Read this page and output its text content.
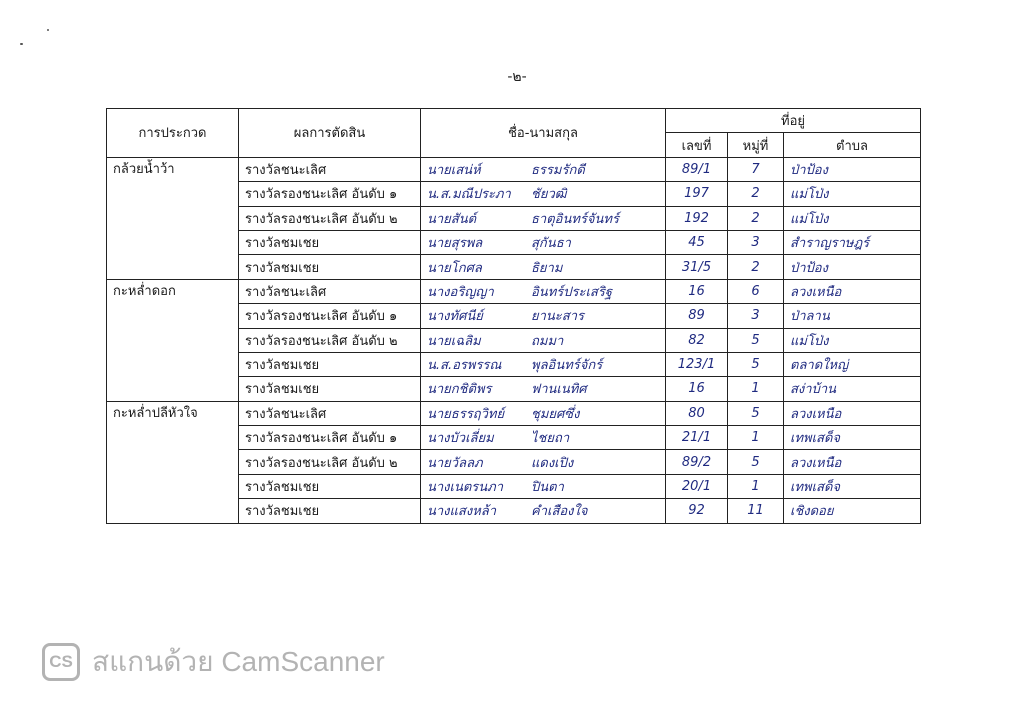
-๒-
การประกวด	ผลการตัดสิน	ชื่อ-นามสกุล	ที่อยู่		
			เลขที่	หมู่ที่	ตำบล
กล้วยน้ำว้า	รางวัลชนะเลิศ	นายเสน่ห์ ธรรมรักดี	89/1	7	ป่าป้อง
	รางวัลรองชนะเลิศ อันดับ ๑	น.ส.มณีประภา ชัยวฒิ	197	2	แม่โป่ง
	รางวัลรองชนะเลิศ อันดับ ๒	นายสันต์ ธาตุอินทร์จันทร์	192	2	แม่โป่ง
	รางวัลชมเชย	นายสุรพล สุกันธา	45	3	สำราญราษฎร์
	รางวัลชมเชย	นายโกศล ธิยาม	31/5	2	ป่าป้อง
กะหล่ำดอก	รางวัลชนะเลิศ	นางอริญญา อินทร์ประเสริฐ	16	6	ลวงเหนือ
	รางวัลรองชนะเลิศ อันดับ ๑	นางทัศนีย์ ยานะสาร	89	3	ป่าลาน
	รางวัลรองชนะเลิศ อันดับ ๒	นายเฉลิม ถมมา	82	5	แม่โป่ง
	รางวัลชมเชย	น.ส.อรพรรณ พุลอินทร์จักร์	123/1	5	ตลาดใหญ่
	รางวัลชมเชย	นายกชิติพร ฟานเนทิศ	16	1	สง่าบ้าน
กะหล่ำปลีหัวใจ	รางวัลชนะเลิศ	นายธรรฤวิทย์ ชุมยศซึ่ง	80	5	ลวงเหนือ
	รางวัลรองชนะเลิศ อันดับ ๑	นางบัวเลี่ยม ไชยถา	21/1	1	เทพเสด็จ
	รางวัลรองชนะเลิศ อันดับ ๒	นายวัลลภ แดงเปิง	89/2	5	ลวงเหนือ
	รางวัลชมเชย	นางเนตรนภา ปินตา	20/1	1	เทพเสด็จ
	รางวัลชมเชย	นางแสงหล้า คำเสืองใจ	92	11	เชิงดอย
CS สแกนด้วย CamScanner
